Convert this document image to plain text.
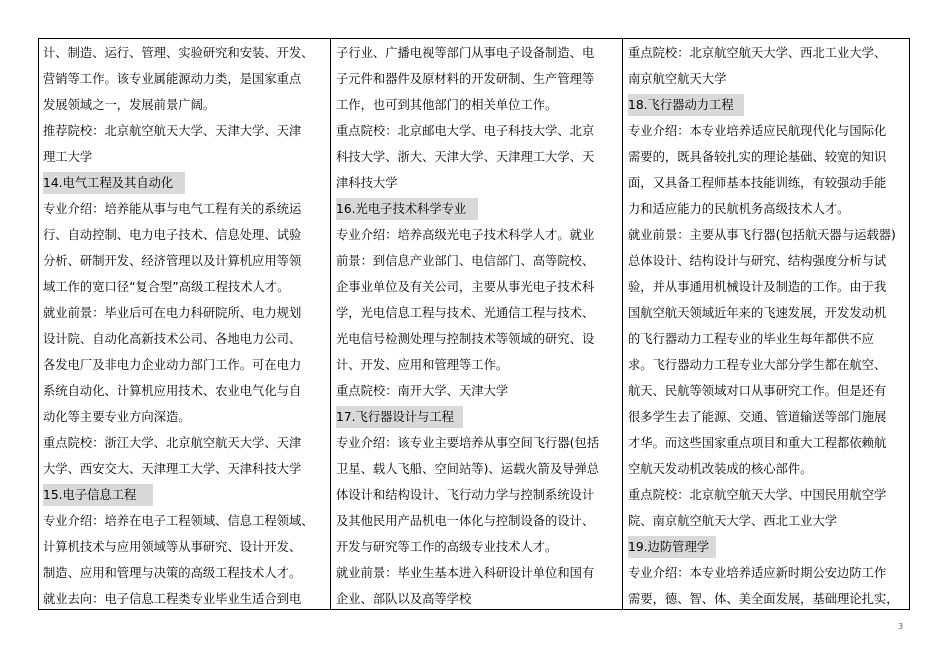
计、制造、运行、管理、实验研究和安装、开发、
营销等工作。该专业属能源动力类，是国家重点
发展领域之一，发展前景广阔。
推荐院校：北京航空航天大学、天津大学、天津
理工大学
14.电气工程及其自动化
专业介绍：培养能从事与电气工程有关的系统运
行、自动控制、电力电子技术、信息处理、试验
分析、研制开发、经济管理以及计算机应用等领
域工作的宽口径“复合型”高级工程技术人才。
就业前景：毕业后可在电力科研院所、电力规划
设计院、自动化高新技术公司、各地电力公司、
各发电厂及非电力企业动力部门工作。可在电力
系统自动化、计算机应用技术、农业电气化与自
动化等主要专业方向深造。
重点院校：浙江大学、北京航空航天大学、天津
大学、西安交大、天津理工大学、天津科技大学
15.电子信息工程
专业介绍：培养在电子工程领域、信息工程领域、
计算机技术与应用领域等从事研究、设计开发、
制造、应用和管理与决策的高级工程技术人才。
就业去向：电子信息工程类专业毕业生适合到电
子行业、广播电视等部门从事电子设备制造、电
子元件和器件及原材料的开发研制、生产管理等
工作，也可到其他部门的相关单位工作。
重点院校：北京邮电大学、电子科技大学、北京
科技大学、浙大、天津大学、天津理工大学、天
津科技大学
16.光电子技术科学专业
专业介绍：培养高级光电子技术科学人才。就业
前景：到信息产业部门、电信部门、高等院校、
企事业单位及有关公司，主要从事光电子技术科
学，光电信息工程与技术、光通信工程与技术、
光电信号检测处理与控制技术等领域的研究、设
计、开发、应用和管理等工作。
重点院校：南开大学、天津大学
17.飞行器设计与工程
专业介绍：该专业主要培养从事空间飞行器(包括
卫星、载人飞船、空间站等)、运载火箭及导弹总
体设计和结构设计、飞行动力学与控制系统设计
及其他民用产品机电一体化与控制设备的设计、
开发与研究等工作的高级专业技术人才。
就业前景：毕业生基本进入科研设计单位和国有
企业、部队以及高等学校
重点院校：北京航空航天大学、西北工业大学、
南京航空航天大学
18.飞行器动力工程
专业介绍：本专业培养适应民航现代化与国际化
需要的，既具备较扎实的理论基础、较宽的知识
面，又具备工程师基本技能训练，有较强动手能
力和适应能力的民航机务高级技术人才。
就业前景：主要从事飞行器(包括航天器与运载器)
总体设计、结构设计与研究、结构强度分析与试
验，并从事通用机械设计及制造的工作。由于我
国航空航天领域近年来的飞速发展，开发发动机
的飞行器动力工程专业的毕业生每年都供不应
求。飞行器动力工程专业大部分学生都在航空、
航天、民航等领域对口从事研究工作。但是还有
很多学生去了能源、交通、管道输送等部门施展
才华。而这些国家重点项目和重大工程都依赖航
空航天发动机改装成的核心部件。
重点院校：北京航空航天大学、中国民用航空学
院、南京航空航天大学、西北工业大学
19.边防管理学
专业介绍：本专业培养适应新时期公安边防工作
需要，德、智、体、美全面发展，基础理论扎实，
3
